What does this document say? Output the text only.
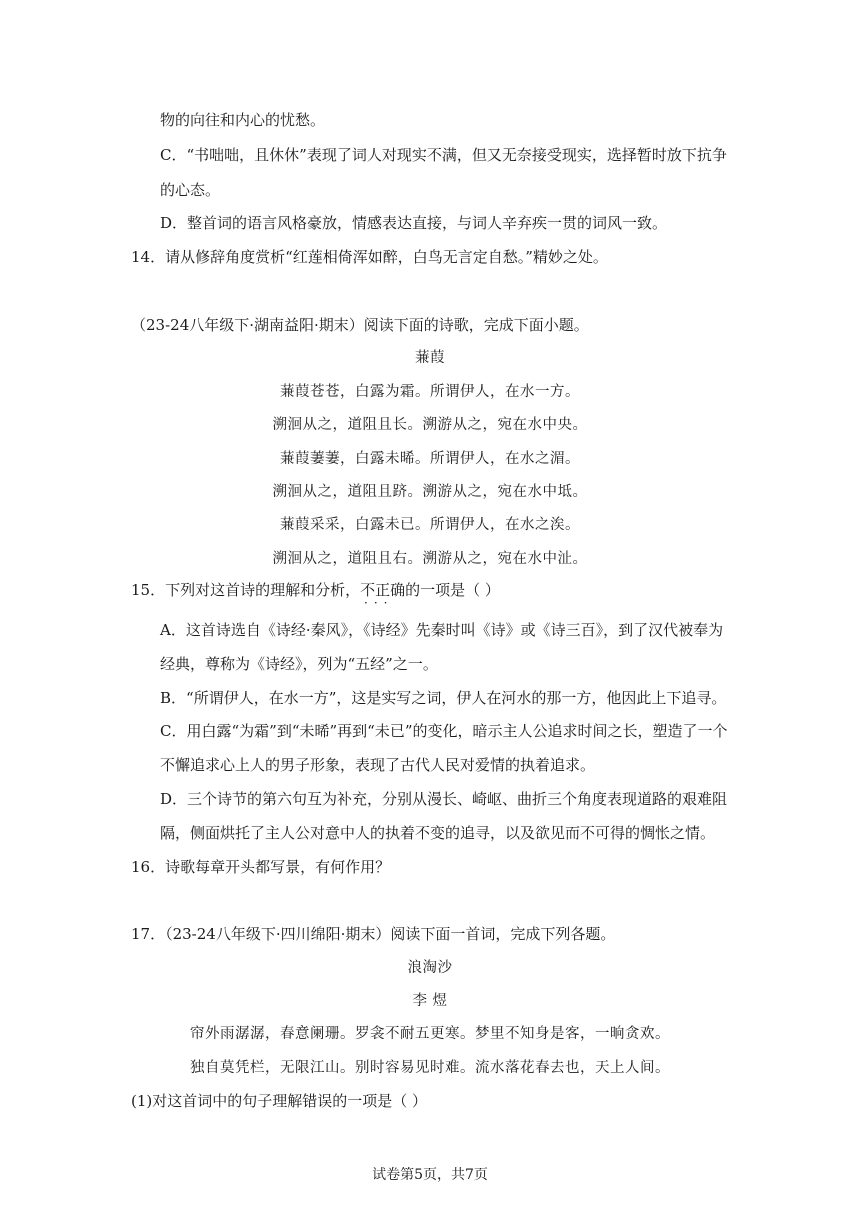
物的向往和内心的忧愁。
C．“书咄咄，且休休”表现了词人对现实不满，但又无奈接受现实，选择暂时放下抗争
的心态。
D．整首词的语言风格豪放，情感表达直接，与词人辛弃疾一贯的词风一致。
14．请从修辞角度赏析“红莲相倚浑如醉，白鸟无言定自愁。”精妙之处。
（23-24八年级下·湖南益阳·期末）阅读下面的诗歌，完成下面小题。
蒹葭
蒹葭苍苍，白露为霜。所谓伊人，在水一方。
溯洄从之，道阻且长。溯游从之，宛在水中央。
蒹葭萋萋，白露未晞。所谓伊人，在水之湄。
溯洄从之，道阻且跻。溯游从之，宛在水中坻。
蒹葭采采，白露未已。所谓伊人，在水之涘。
溯洄从之，道阻且右。溯游从之，宛在水中沚。
15．下列对这首诗的理解和分析，不正确的一项是（ ）
···
A．这首诗选自《诗经·秦风》，《诗经》先秦时叫《诗》或《诗三百》，到了汉代被奉为
经典，尊称为《诗经》，列为“五经”之一。
B．“所谓伊人，在水一方”，这是实写之词，伊人在河水的那一方，他因此上下追寻。
C．用白露“为霜”到“未晞”再到“未已”的变化，暗示主人公追求时间之长，塑造了一个
不懈追求心上人的男子形象，表现了古代人民对爱情的执着追求。
D．三个诗节的第六句互为补充，分别从漫长、崎岖、曲折三个角度表现道路的艰难阻
隔，侧面烘托了主人公对意中人的执着不变的追寻，以及欲见而不可得的惆怅之情。
16．诗歌每章开头都写景，有何作用？
17．（23-24八年级下·四川绵阳·期末）阅读下面一首词，完成下列各题。
浪淘沙
李 煜
帘外雨潺潺，春意阑珊。罗衾不耐五更寒。梦里不知身是客，一晌贪欢。
独自莫凭栏，无限江山。别时容易见时难。流水落花春去也，天上人间。
(1)对这首词中的句子理解错误的一项是（ ）
试卷第5页，共7页
